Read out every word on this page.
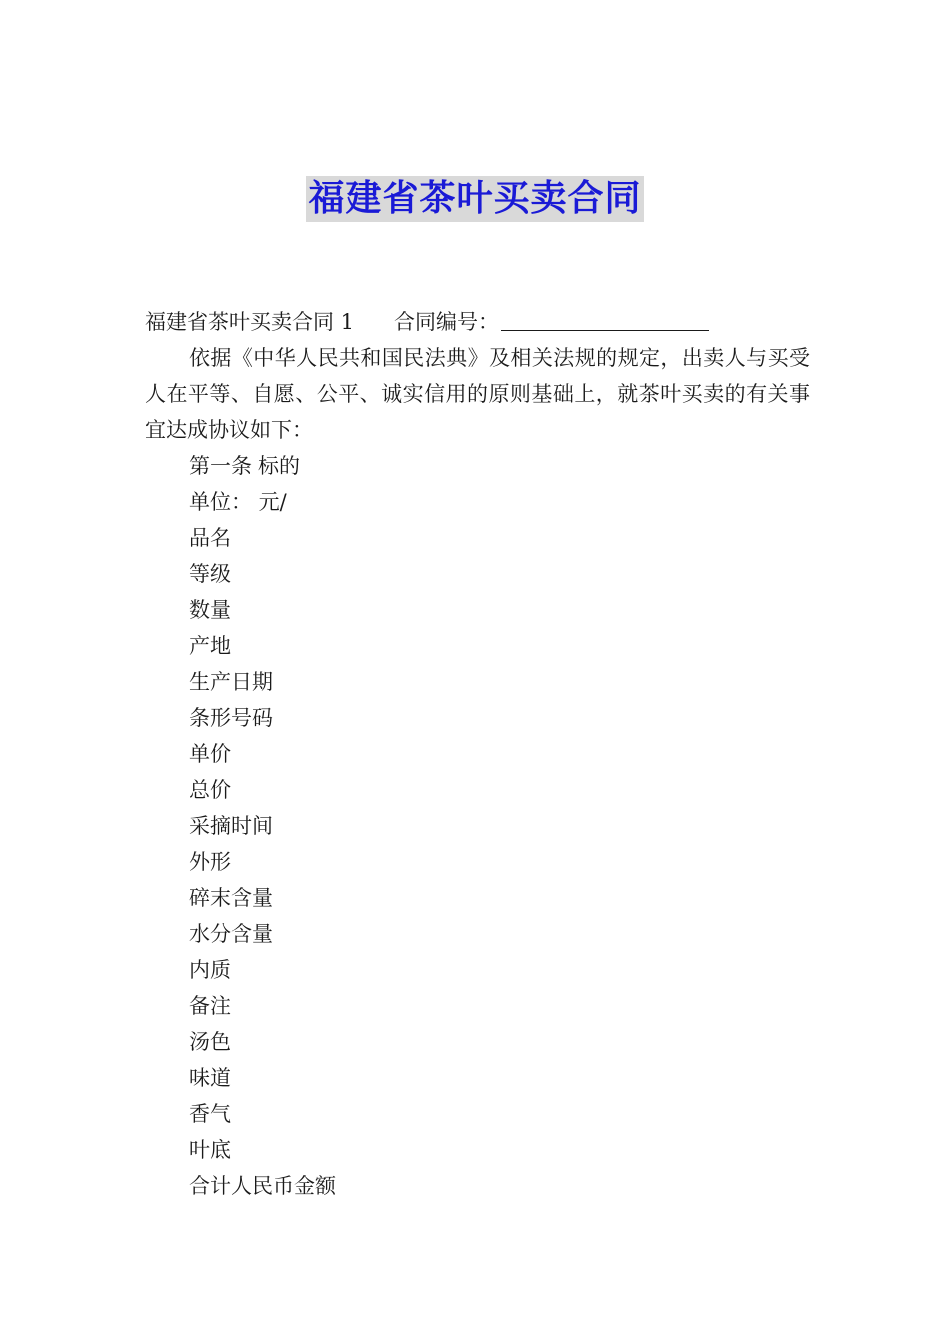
福建省茶叶买卖合同
福建省茶叶买卖合同 1 合同编号：
依据《中华人民共和国民法典》及相关法规的规定，出卖人与买受人在平等、自愿、公平、诚实信用的原则基础上，就茶叶买卖的有关事宜达成协议如下：
第一条 标的
单位： 元/
品名
等级
数量
产地
生产日期
条形号码
单价
总价
采摘时间
外形
碎末含量
水分含量
内质
备注
汤色
味道
香气
叶底
合计人民币金额
